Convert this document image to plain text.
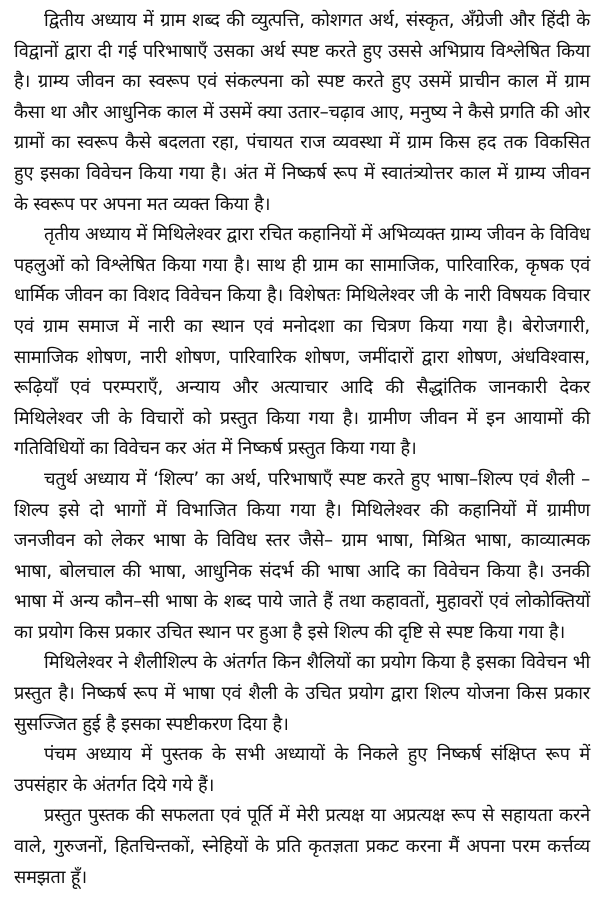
द्वितीय अध्याय में ग्राम शब्द की व्युत्पत्ति, कोशगत अर्थ, संस्कृत, अँग्रेजी और हिंदी के विद्वानों द्वारा दी गई परिभाषाएँ उसका अर्थ स्पष्ट करते हुए उससे अभिप्राय विश्लेषित किया है। ग्राम्य जीवन का स्वरूप एवं संकल्पना को स्पष्ट करते हुए उसमें प्राचीन काल में ग्राम कैसा था और आधुनिक काल में उसमें क्या उतार–चढ़ाव आए, मनुष्य ने कैसे प्रगति की ओर ग्रामों का स्वरूप कैसे बदलता रहा, पंचायत राज व्यवस्था में ग्राम किस हद तक विकसित हुए इसका विवेचन किया गया है। अंत में निष्कर्ष रूप में स्वातंत्र्योत्तर काल में ग्राम्य जीवन के स्वरूप पर अपना मत व्यक्त किया है।

तृतीय अध्याय में मिथिलेश्वर द्वारा रचित कहानियों में अभिव्यक्त ग्राम्य जीवन के विविध पहलुओं को विश्लेषित किया गया है। साथ ही ग्राम का सामाजिक, पारिवारिक, कृषक एवं धार्मिक जीवन का विशद विवेचन किया है। विशेषतः मिथिलेश्वर जी के नारी विषयक विचार एवं ग्राम समाज में नारी का स्थान एवं मनोदशा का चित्रण किया गया है। बेरोजगारी, सामाजिक शोषण, नारी शोषण, पारिवारिक शोषण, जमींदारों द्वारा शोषण, अंधविश्वास, रूढ़ियाँ एवं परम्पराएँ, अन्याय और अत्याचार आदि की सैद्धांतिक जानकारी देकर मिथिलेश्वर जी के विचारों को प्रस्तुत किया गया है। ग्रामीण जीवन में इन आयामों की गतिविधियों का विवेचन कर अंत में निष्कर्ष प्रस्तुत किया गया है।

चतुर्थ अध्याय में ‘शिल्प’ का अर्थ, परिभाषाएँ स्पष्ट करते हुए भाषा–शिल्प एवं शैली –शिल्प इसे दो भागों में विभाजित किया गया है। मिथिलेश्वर की कहानियों में ग्रामीण जनजीवन को लेकर भाषा के विविध स्तर जैसे– ग्राम भाषा, मिश्रित भाषा, काव्यात्मक भाषा, बोलचाल की भाषा, आधुनिक संदर्भ की भाषा आदि का विवेचन किया है। उनकी भाषा में अन्य कौन–सी भाषा के शब्द पाये जाते हैं तथा कहावतों, मुहावरों एवं लोकोक्तियों का प्रयोग किस प्रकार उचित स्थान पर हुआ है इसे शिल्प की दृष्टि से स्पष्ट किया गया है।

मिथिलेश्वर ने शैलीशिल्प के अंतर्गत किन शैलियों का प्रयोग किया है इसका विवेचन भी प्रस्तुत है। निष्कर्ष रूप में भाषा एवं शैली के उचित प्रयोग द्वारा शिल्प योजना किस प्रकार सुसज्जित हुई है इसका स्पष्टीकरण दिया है।

पंचम अध्याय में पुस्तक के सभी अध्यायों के निकले हुए निष्कर्ष संक्षिप्त रूप में उपसंहार के अंतर्गत दिये गये हैं।

प्रस्तुत पुस्तक की सफलता एवं पूर्ति में मेरी प्रत्यक्ष या अप्रत्यक्ष रूप से सहायता करने वाले, गुरुजनों, हितचिन्तकों, स्नेहियों के प्रति कृतज्ञता प्रकट करना मैं अपना परम कर्त्तव्य समझता हूँ।
